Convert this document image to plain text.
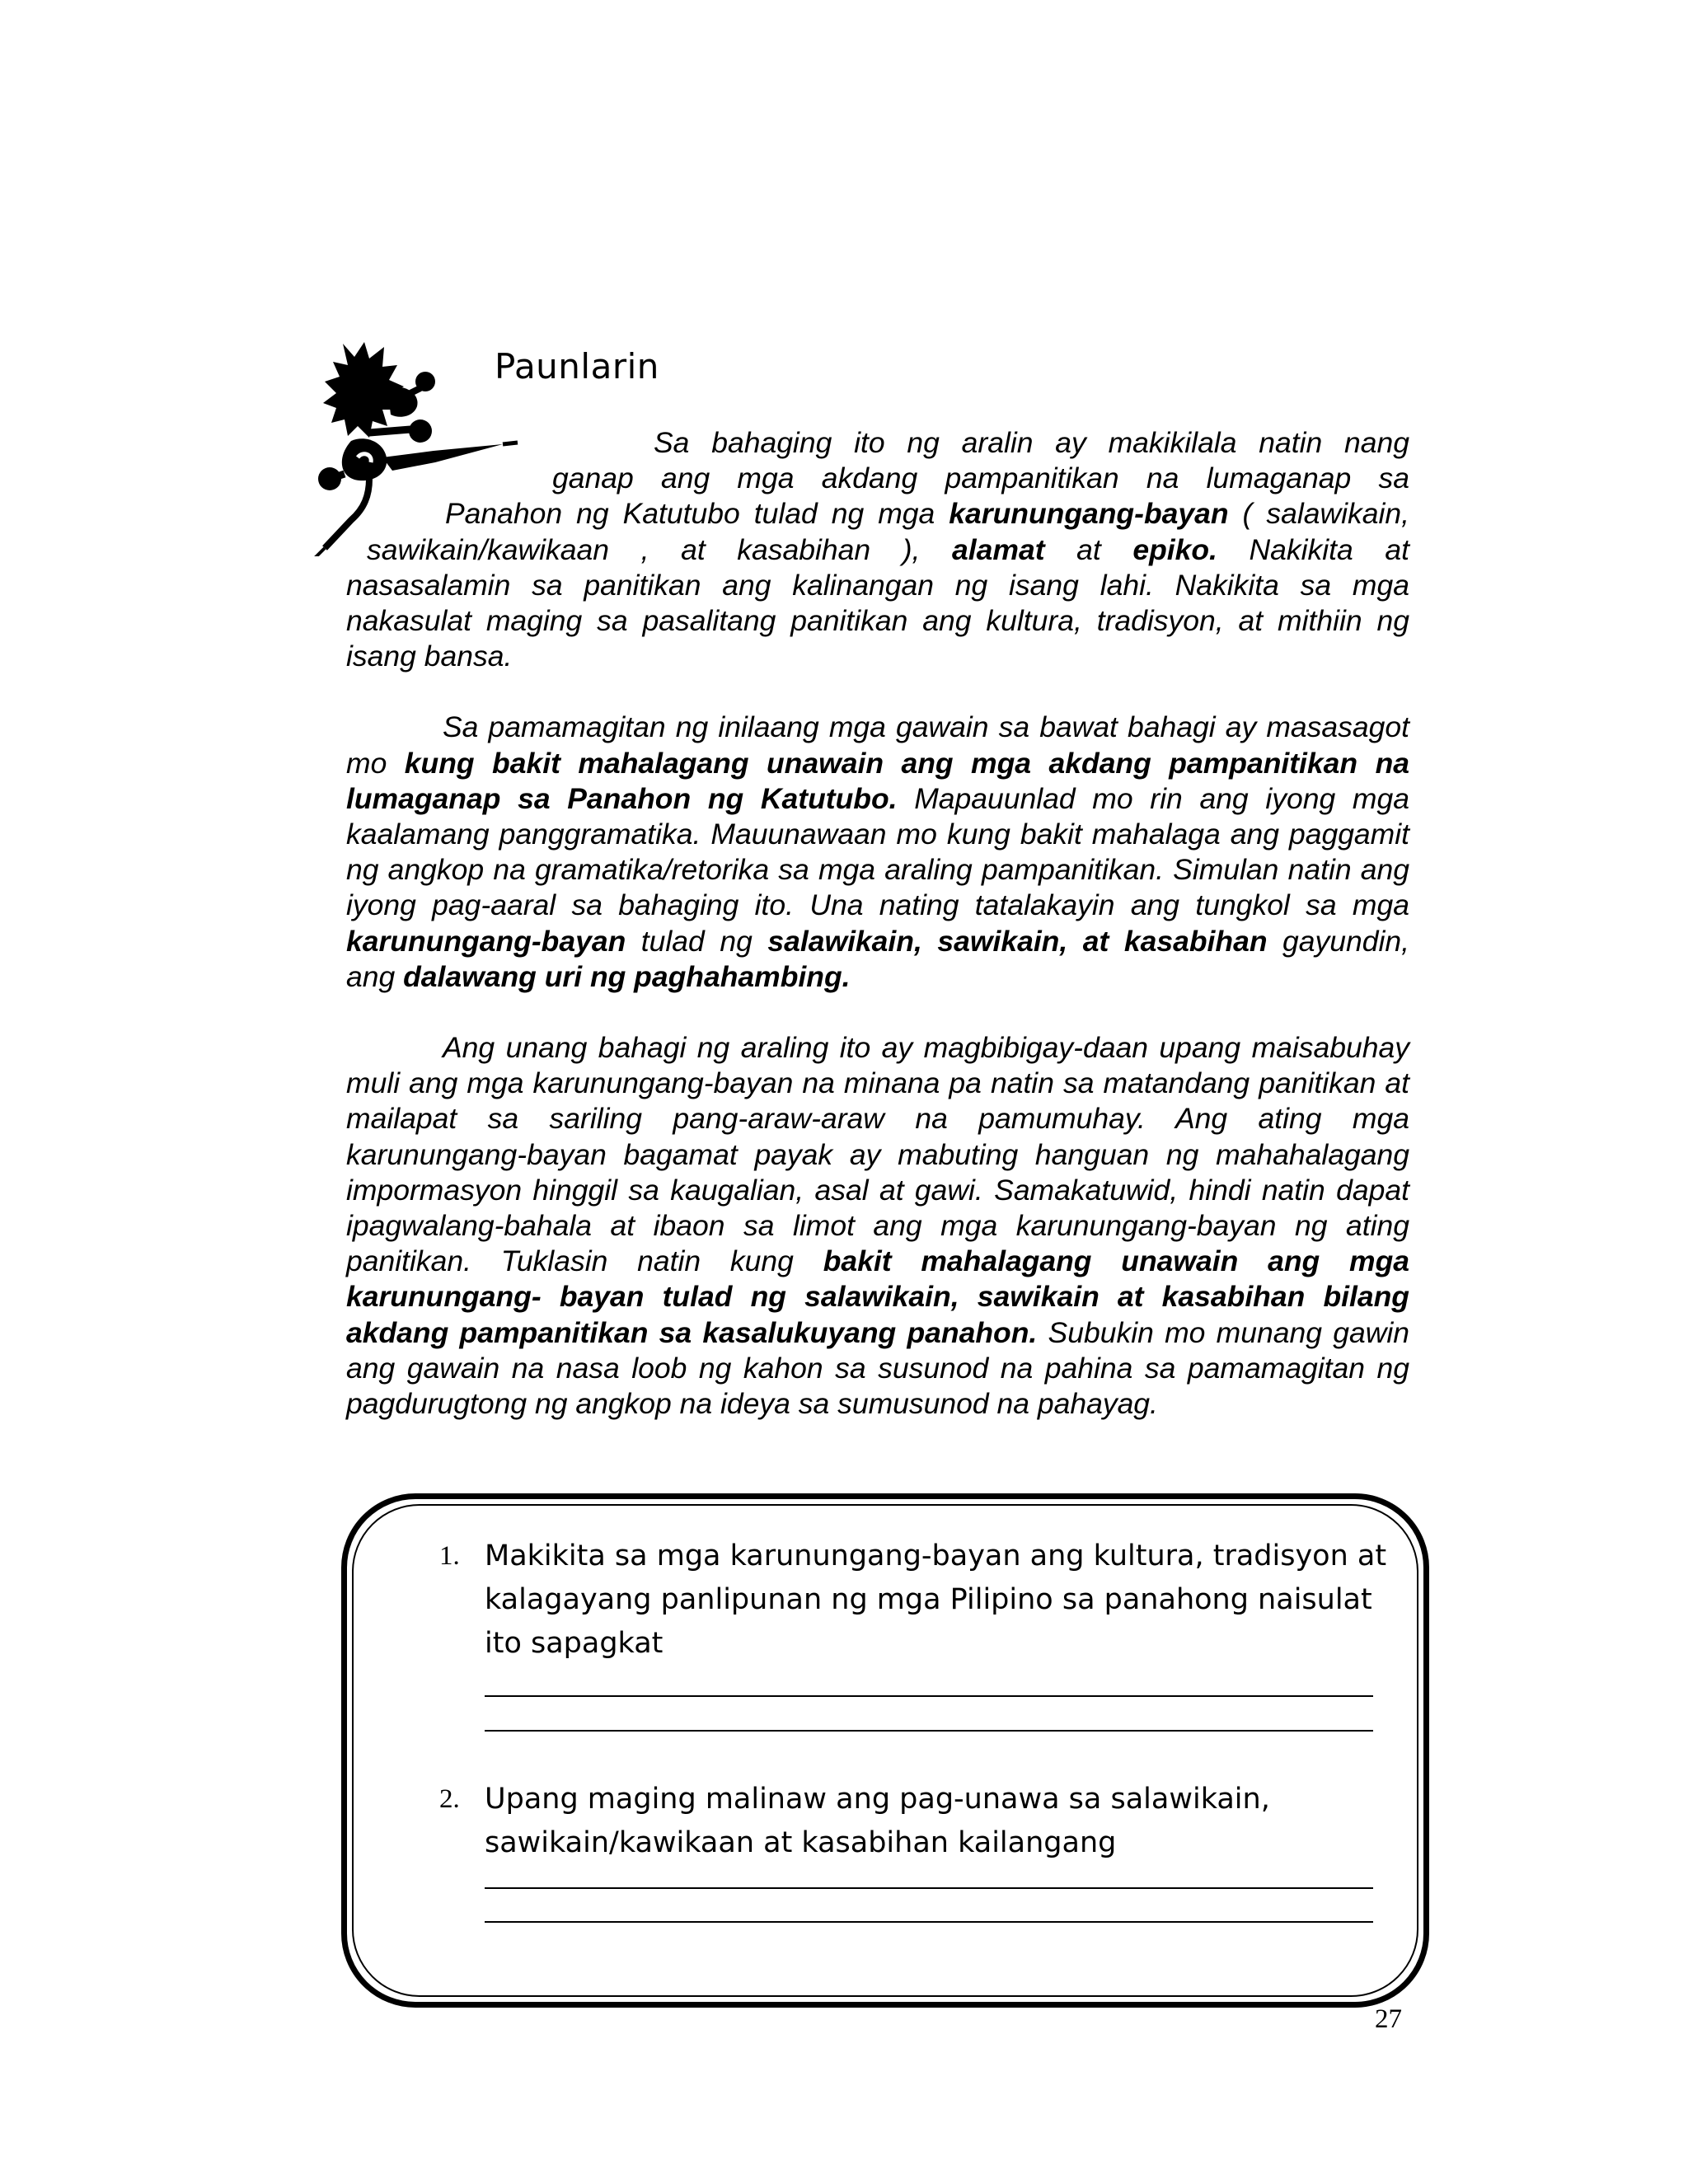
Paunlarin

Sa bahaging ito ng aralin ay makikilala natin nang
ganap ang mga akdang pampanitikan na lumaganap sa
Panahon ng Katutubo tulad ng mga karunungang-bayan ( salawikain,
sawikain/kawikaan , at kasabihan ), alamat at epiko. Nakikita at
nasasalamin sa panitikan ang kalinangan ng isang lahi. Nakikita sa mga nakasulat maging sa pasalitang panitikan ang kultura, tradisyon, at mithiin ng isang bansa.

Sa pamamagitan ng inilaang mga gawain sa bawat bahagi ay masasagot mo kung bakit mahalagang unawain ang mga akdang pampanitikan na lumaganap sa Panahon ng Katutubo. Mapauunlad mo rin ang iyong mga kaalamang panggramatika. Mauunawaan mo kung bakit mahalaga ang paggamit ng angkop na gramatika/retorika sa mga araling pampanitikan. Simulan natin ang iyong pag-aaral sa bahaging ito. Una nating tatalakayin ang tungkol sa mga karunungang-bayan tulad ng salawikain, sawikain, at kasabihan gayundin, ang dalawang uri ng paghahambing.

Ang unang bahagi ng araling ito ay magbibigay-daan upang maisabuhay muli ang mga karunungang-bayan na minana pa natin sa matandang panitikan at mailapat sa sariling pang-araw-araw na pamumuhay. Ang ating mga karunungang-bayan bagamat payak ay mabuting hanguan ng mahahalagang impormasyon hinggil sa kaugalian, asal at gawi. Samakatuwid, hindi natin dapat ipagwalang-bahala at ibaon sa limot ang mga karunungang-bayan ng ating panitikan. Tuklasin natin kung bakit mahalagang unawain ang mga karunungang- bayan tulad ng salawikain, sawikain at kasabihan bilang akdang pampanitikan sa kasalukuyang panahon. Subukin mo munang gawin ang gawain na nasa loob ng kahon sa susunod na pahina sa pamamagitan ng pagdurugtong ng angkop na ideya sa sumusunod na pahayag.

1. Makikita sa mga karunungang-bayan ang kultura, tradisyon at kalagayang panlipunan ng mga Pilipino sa panahong naisulat ito sapagkat
2. Upang maging malinaw ang pag-unawa sa salawikain, sawikain/kawikaan at kasabihan kailangang
27
